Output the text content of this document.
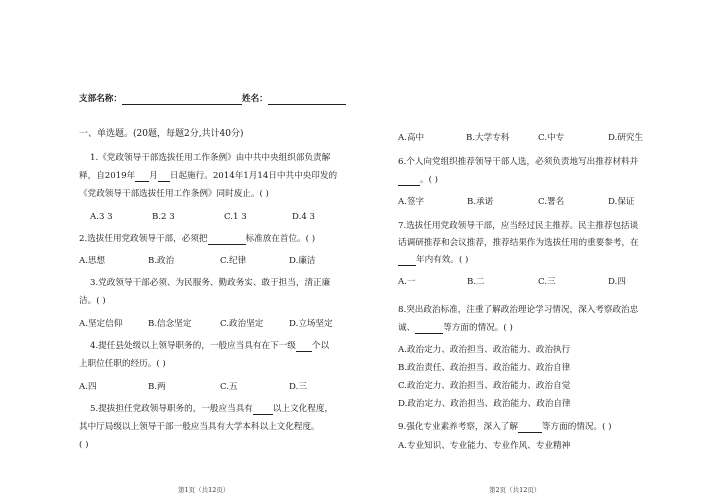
支部名称：	姓名：
一、单选题。(20题，每题2分,共计40分)
1.《党政领导干部选拔任用工作条例》由中共中央组织部负责解
释，自2019年 月 日起施行。2014年1月14日中共中央印发的
《党政领导干部选拔任用工作条例》同时废止。( )
A.3 3	B.2 3	C.1 3	D.4 3
2.选拔任用党政领导干部，必须把	标准放在首位。( )
A.思想	B.政治	C.纪律	D.廉洁
3.党政领导干部必须、为民服务、勤政务实、敢于担当，清正廉
洁。( )
A.坚定信仰	B.信念坚定	C.政治坚定	D.立场坚定
4.提任县处级以上领导职务的，一般应当具有在下一级 个以
上职位任职的经历。( )
A.四	B.两	C.五	D.三
5.提拔担任党政领导职务的，一般应当具有 以上文化程度，
其中厅局级以上领导干部一般应当具有大学本科以上文化程度。
( )
第1页（共12页）
A.高中	B.大学专科	C.中专	D.研究生
6.个人向党组织推荐领导干部人选，必须负责地写出推荐材料并
。( )
A.签字	B.承诺	C.署名	D.保证
7.选拔任用党政领导干部，应当经过民主推荐。民主推荐包括谈
话调研推荐和会议推荐，推荐结果作为选拔任用的重要参考，在
年内有效。( )
A.一	B.二	C.三	D.四
8.突出政治标准，注重了解政治理论学习情况，深入考察政治忠
诚、	等方面的情况。( )
A.政治定力、政治担当、政治能力、政治执行
B.政治责任、政治担当、政治能力、政治自律
C.政治定力、政治担当、政治能力、政治自觉
D.政治定力、政治担当、政治能力、政治自律
9.强化专业素养考察，深入了解	等方面的情况。( )
A.专业知识、专业能力、专业作风、专业精神
第2页（共12页）
